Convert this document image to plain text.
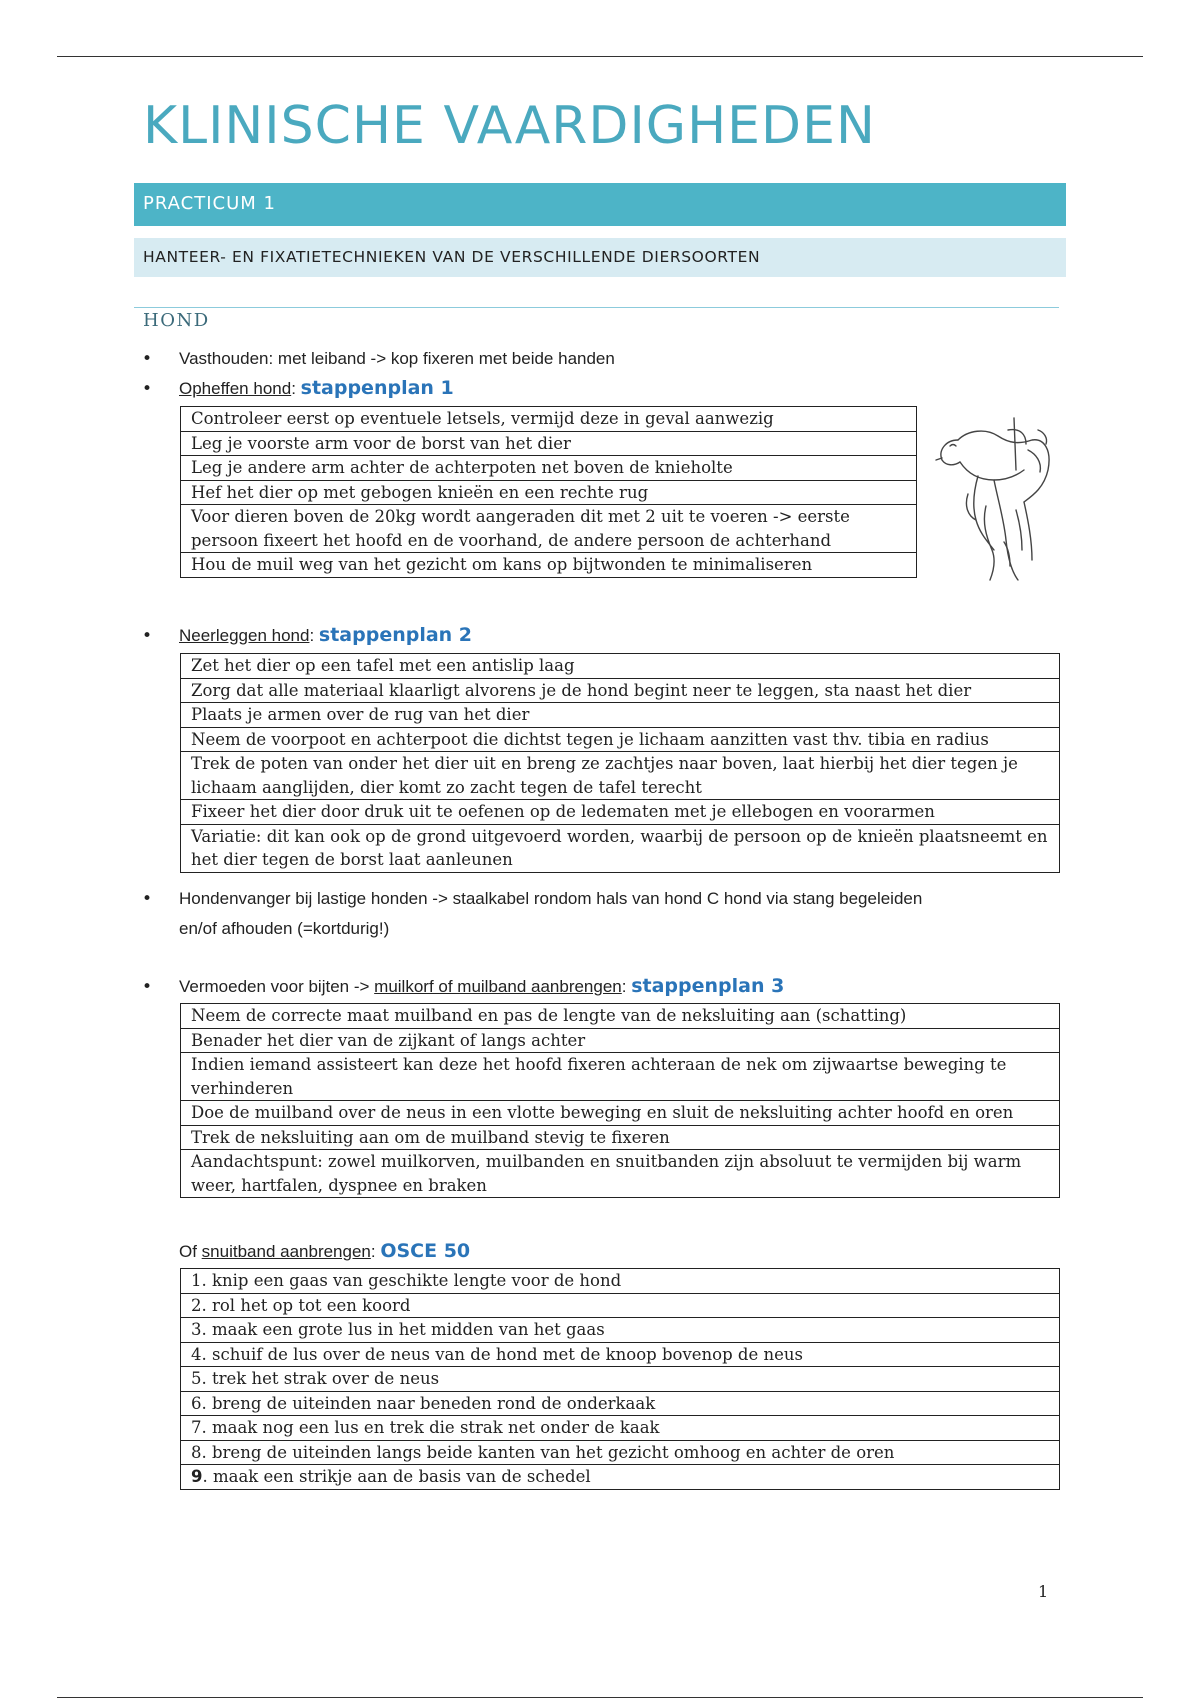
KLINISCHE VAARDIGHEDEN
PRACTICUM 1
HANTEER- EN FIXATIETECHNIEKEN VAN DE VERSCHILLENDE DIERSOORTEN
HOND
• Vasthouden: met leiband -> kop fixeren met beide handen
• Opheffen hond: stappenplan 1
Controleer eerst op eventuele letsels, vermijd deze in geval aanwezig
Leg je voorste arm voor de borst van het dier
Leg je andere arm achter de achterpoten net boven de knieholte
Hef het dier op met gebogen knieën en een rechte rug
Voor dieren boven de 20kg wordt aangeraden dit met 2 uit te voeren -> eerste persoon fixeert het hoofd en de voorhand, de andere persoon de achterhand
Hou de muil weg van het gezicht om kans op bijtwonden te minimaliseren
• Neerleggen hond: stappenplan 2
Zet het dier op een tafel met een antislip laag
Zorg dat alle materiaal klaarligt alvorens je de hond begint neer te leggen, sta naast het dier
Plaats je armen over de rug van het dier
Neem de voorpoot en achterpoot die dichtst tegen je lichaam aanzitten vast thv. tibia en radius
Trek de poten van onder het dier uit en breng ze zachtjes naar boven, laat hierbij het dier tegen je lichaam aanglijden, dier komt zo zacht tegen de tafel terecht
Fixeer het dier door druk uit te oefenen op de ledematen met je ellebogen en voorarmen
Variatie: dit kan ook op de grond uitgevoerd worden, waarbij de persoon op de knieën plaatsneemt en het dier tegen de borst laat aanleunen
• Hondenvanger bij lastige honden -> staalkabel rondom hals van hond C hond via stang begeleiden
en/of afhouden (=kortdurig!)
• Vermoeden voor bijten -> muilkorf of muilband aanbrengen: stappenplan 3
Neem de correcte maat muilband en pas de lengte van de neksluiting aan (schatting)
Benader het dier van de zijkant of langs achter
Indien iemand assisteert kan deze het hoofd fixeren achteraan de nek om zijwaartse beweging te verhinderen
Doe de muilband over de neus in een vlotte beweging en sluit de neksluiting achter hoofd en oren
Trek de neksluiting aan om de muilband stevig te fixeren
Aandachtspunt: zowel muilkorven, muilbanden en snuitbanden zijn absoluut te vermijden bij warm weer, hartfalen, dyspnee en braken
Of snuitband aanbrengen: OSCE 50
1. knip een gaas van geschikte lengte voor de hond
2. rol het op tot een koord
3. maak een grote lus in het midden van het gaas
4. schuif de lus over de neus van de hond met de knoop bovenop de neus
5. trek het strak over de neus
6. breng de uiteinden naar beneden rond de onderkaak
7. maak nog een lus en trek die strak net onder de kaak
8. breng de uiteinden langs beide kanten van het gezicht omhoog en achter de oren
9. maak een strikje aan de basis van de schedel
1
